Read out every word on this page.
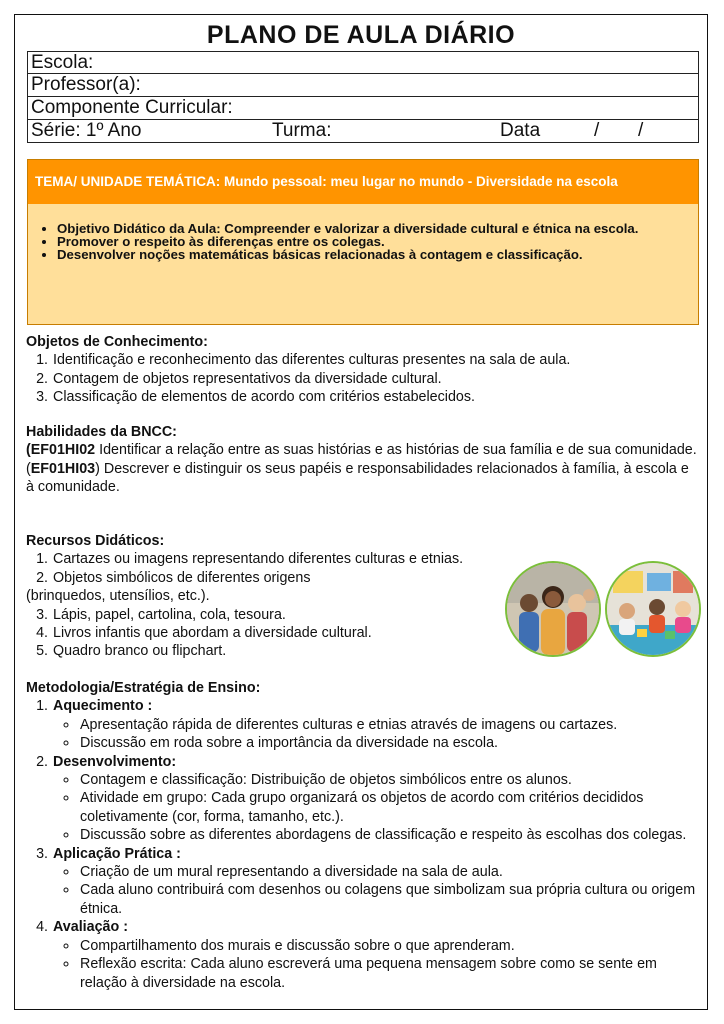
PLANO DE AULA DIÁRIO
Escola:
Professor(a):
Componente Curricular:
Série: 1º Ano	Turma:	Data	/ /
TEMA/ UNIDADE TEMÁTICA: Mundo pessoal: meu lugar no mundo - Diversidade na escola
• Objetivo Didático da Aula: Compreender e valorizar a diversidade cultural e étnica na escola.
• Promover o respeito às diferenças entre os colegas.
• Desenvolver noções matemáticas básicas relacionadas à contagem e classificação.
Objetos de Conhecimento:
1. Identificação e reconhecimento das diferentes culturas presentes na sala de aula.
2. Contagem de objetos representativos da diversidade cultural.
3. Classificação de elementos de acordo com critérios estabelecidos.
Habilidades da BNCC:

(EF01HI02 Identificar a relação entre as suas histórias e as histórias de sua família e de sua comunidade.

(EF01HI03) Descrever e distinguir os seus papéis e responsabilidades relacionados à família, à escola e à comunidade.

Recursos Didáticos:
1. Cartazes ou imagens representando diferentes culturas e etnias.
2. Objetos simbólicos de diferentes origens

(brinquedos, utensílios, etc.).

3. Lápis, papel, cartolina, cola, tesoura.
4. Livros infantis que abordam a diversidade cultural.
5. Quadro branco ou flipchart.
Metodologia/Estratégia de Ensino:
1. Aquecimento :
◦ Apresentação rápida de diferentes culturas e etnias através de imagens ou cartazes.
◦ Discussão em roda sobre a importância da diversidade na escola.
2. Desenvolvimento:
◦ Contagem e classificação: Distribuição de objetos simbólicos entre os alunos.
◦ Atividade em grupo: Cada grupo organizará os objetos de acordo com critérios decididos coletivamente (cor, forma, tamanho, etc.).
◦ Discussão sobre as diferentes abordagens de classificação e respeito às escolhas dos colegas.
3. Aplicação Prática :
◦ Criação de um mural representando a diversidade na sala de aula.
◦ Cada aluno contribuirá com desenhos ou colagens que simbolizam sua própria cultura ou origem étnica.
4. Avaliação :
◦ Compartilhamento dos murais e discussão sobre o que aprenderam.
◦ Reflexão escrita: Cada aluno escreverá uma pequena mensagem sobre como se sente em relação à diversidade na escola.
